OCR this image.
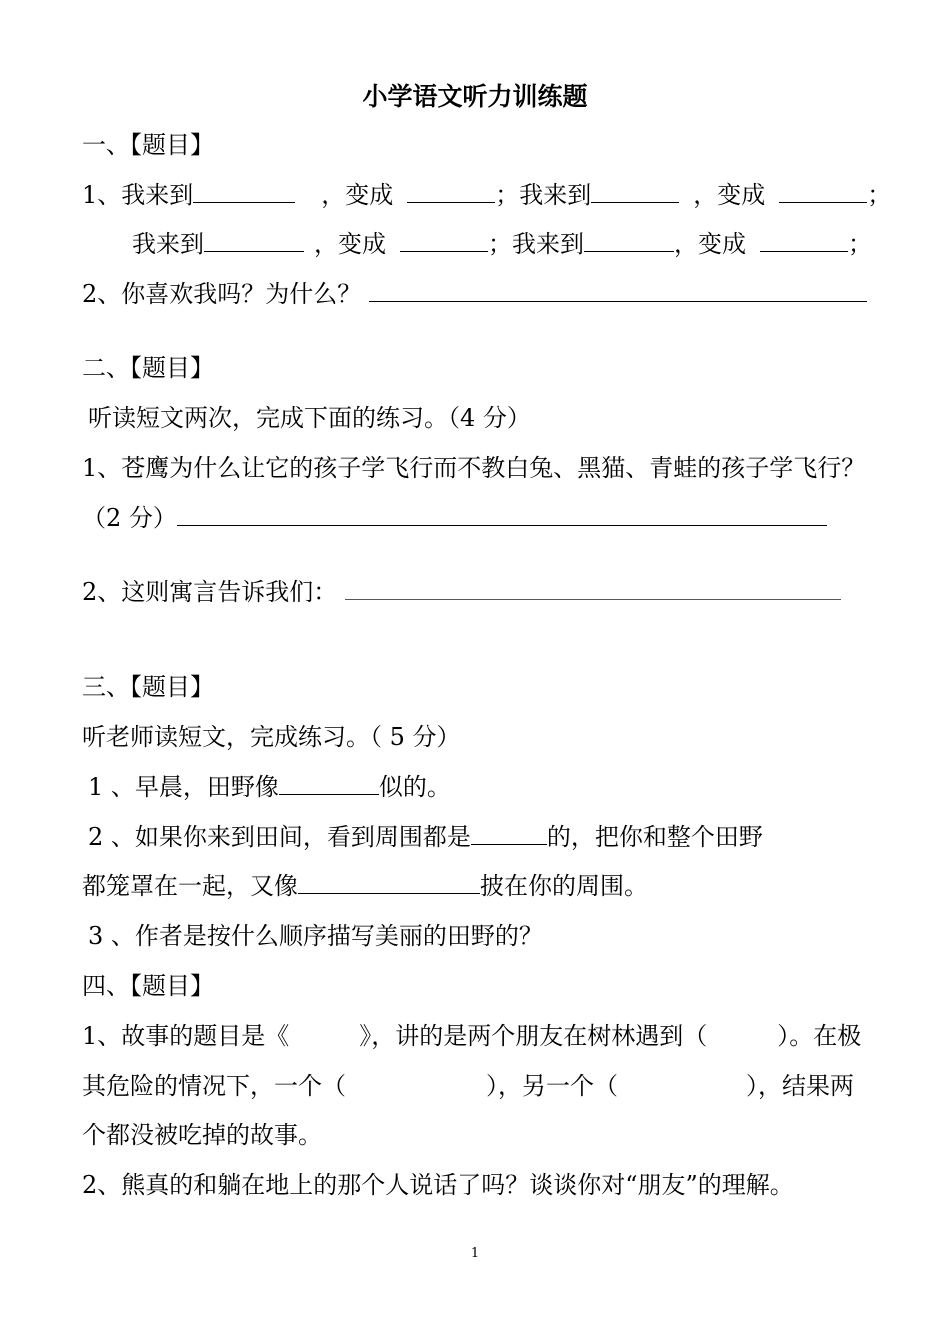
小学语文听力训练题
一、【题目】
1、我来到	，变成	；我来到	，变成	；
我来到	，变成	；我来到	，变成	；
2、你喜欢我吗？为什么？
二、【题目】
听读短文两次，完成下面的练习。（4 分）
1、苍鹰为什么让它的孩子学飞行而不教白兔、黑猫、青蛙的孩子学飞行？
（2 分）
2、这则寓言告诉我们：
三、【题目】
听老师读短文，完成练习。（ 5 分）
1 、早晨，田野像	似的。
2 、如果你来到田间，看到周围都是	的，把你和整个田野
都笼罩在一起，又像	披在你的周围。
3 、作者是按什么顺序描写美丽的田野的？
四、【题目】
1、故事的题目是《	》，讲的是两个朋友在树林遇到（	）。在极
其危险的情况下，一个（	），另一个（	），结果两
个都没被吃掉的故事。
2、熊真的和躺在地上的那个人说话了吗？谈谈你对“朋友”的理解。
1
